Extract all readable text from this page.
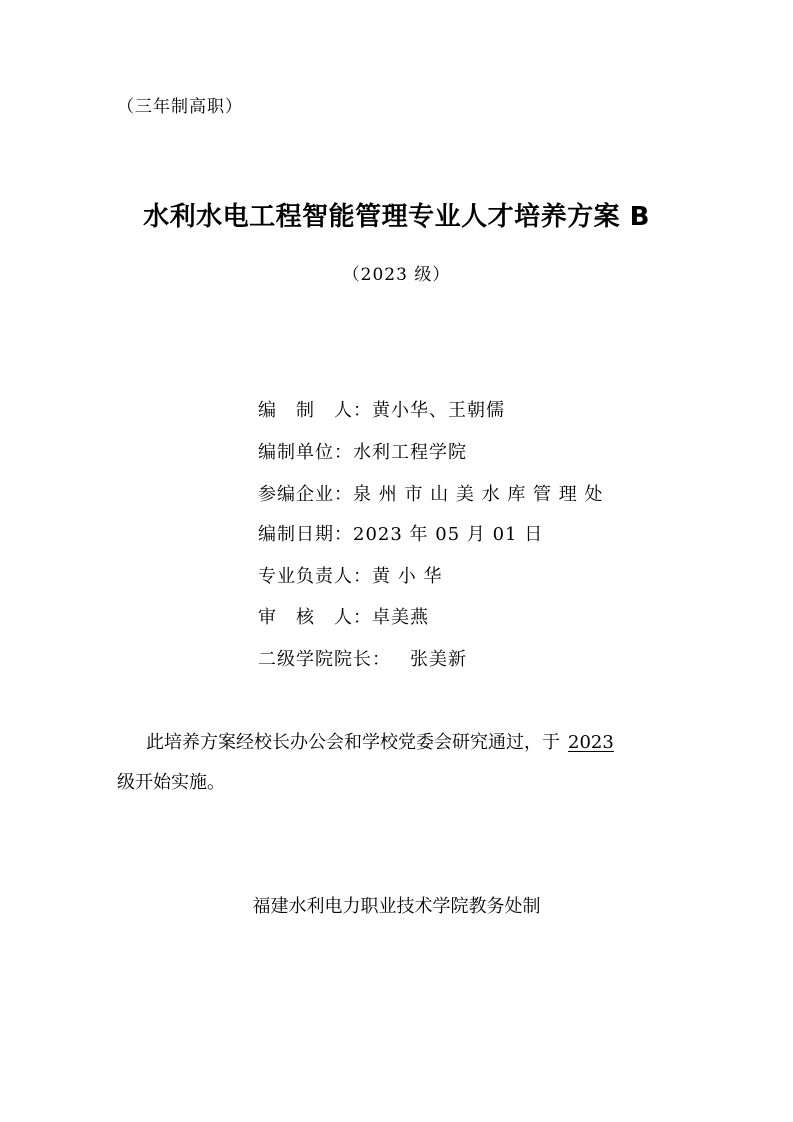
（三年制高职）
水利水电工程智能管理专业人才培养方案 B
（2023 级）
编　制　人： 黄小华、王朝儒
编制单位： 水利工程学院
参编企业： 泉 州 市 山 美 水 库 管 理 处
编制日期： 2023 年 05 月 01 日
专业负责人： 黄 小 华
审　核　人： 卓美燕
二级学院院长： 　张美新
此培养方案经校长办公会和学校党委会研究通过，于 2023
级开始实施。
福建水利电力职业技术学院教务处制
